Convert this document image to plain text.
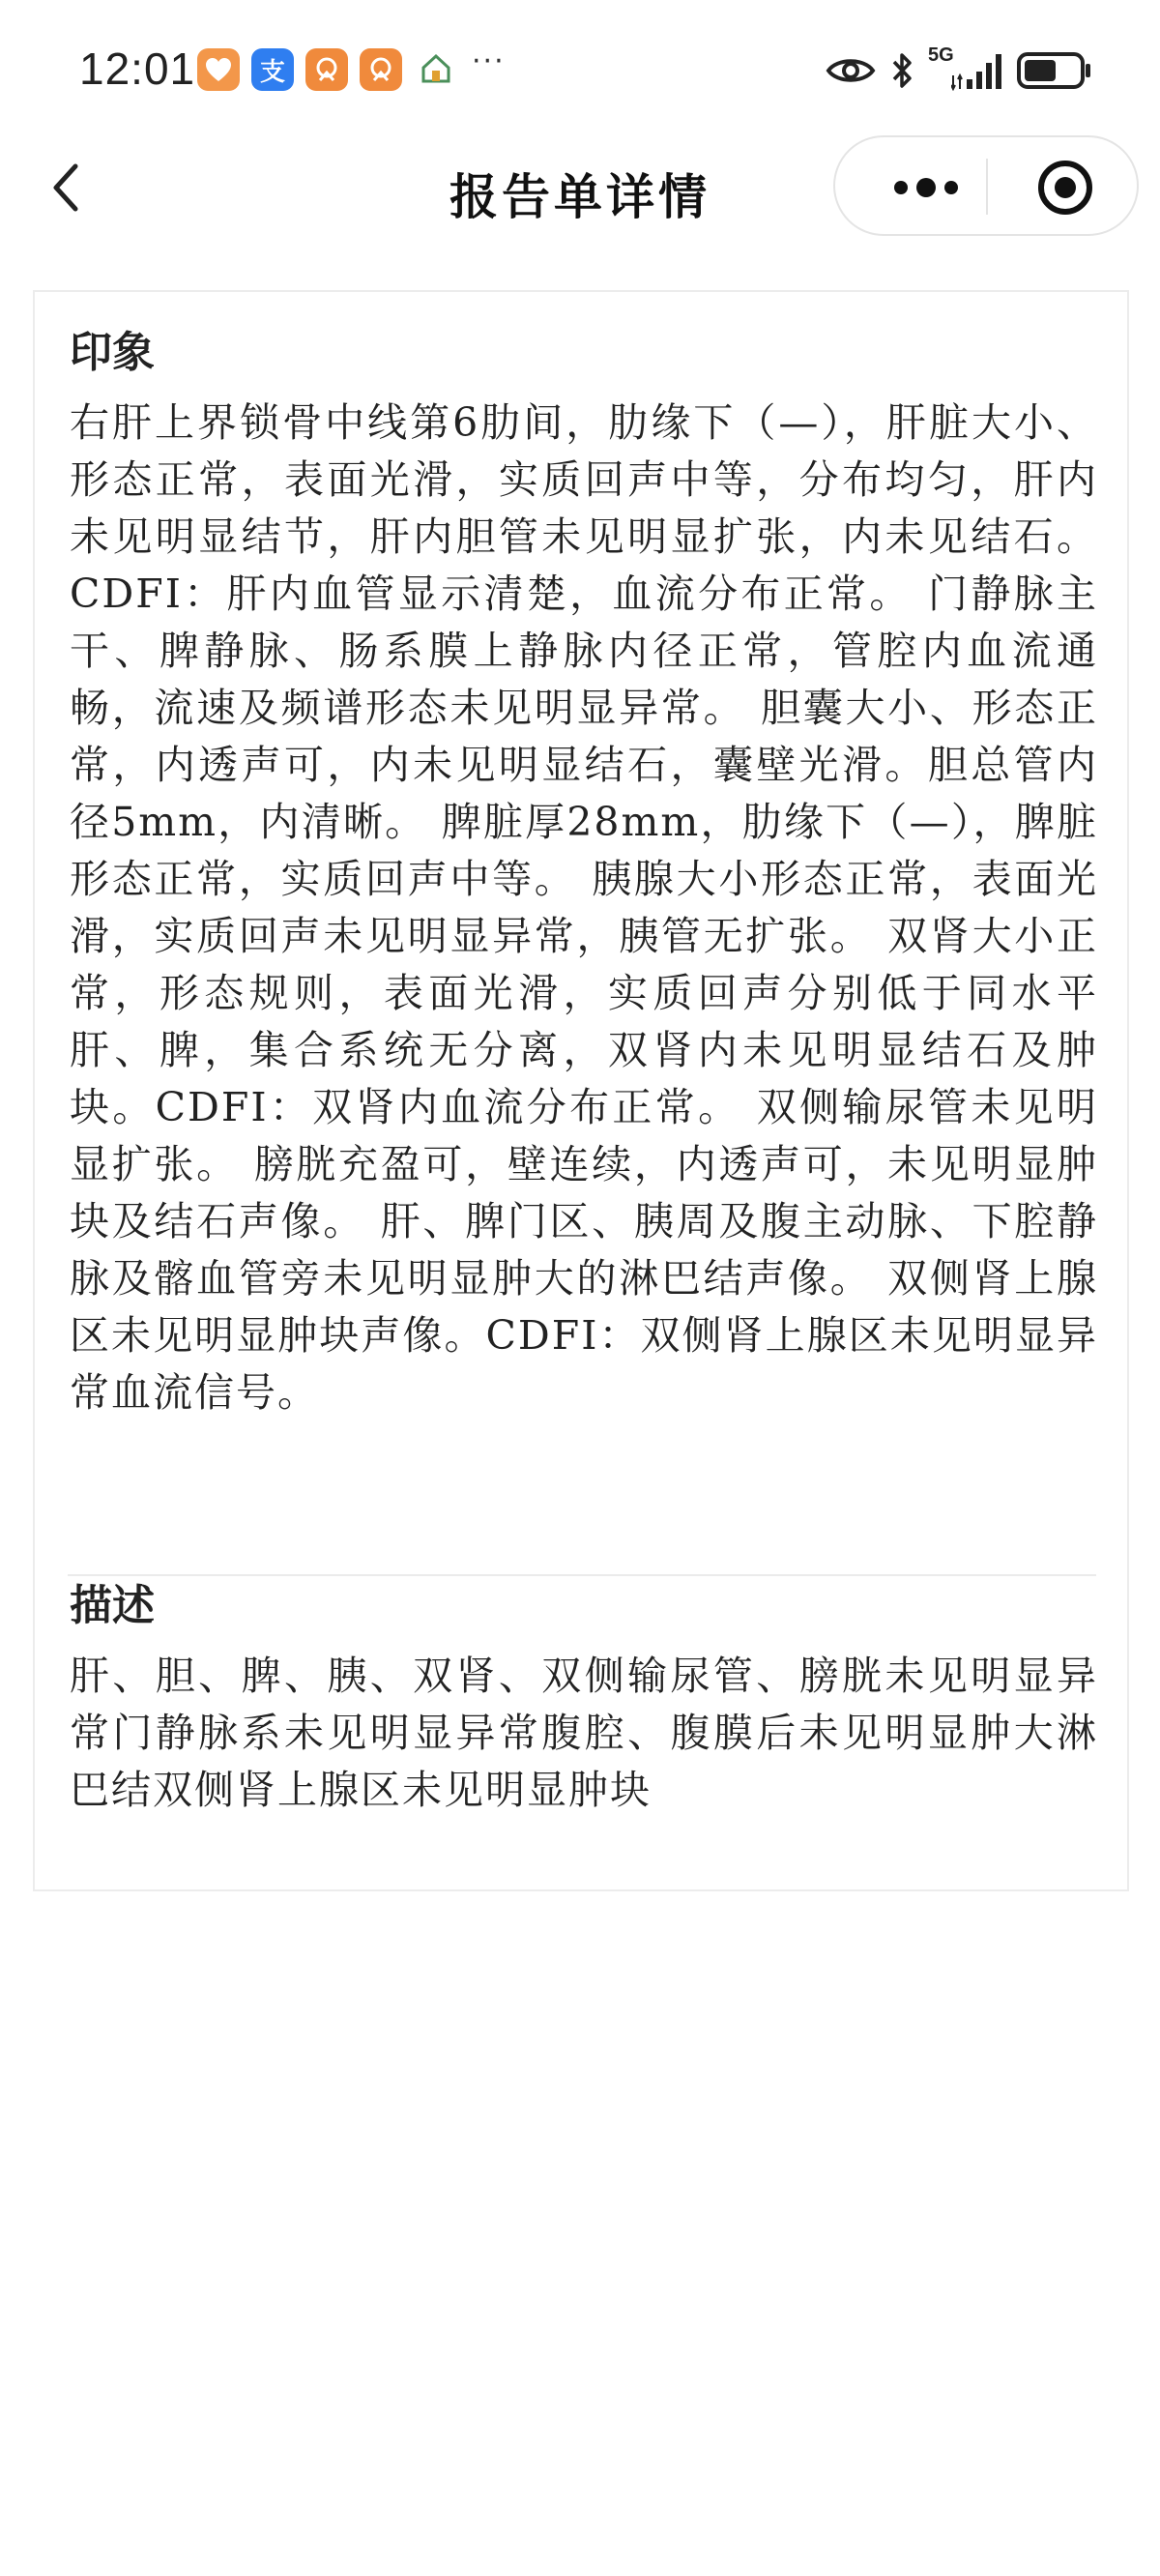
12:01	支	···	5G
报告单详情
印象

右肝上界锁骨中线第6肋间，肋缘下（—），肝脏大小、形态正常，表面光滑，实质回声中等，分布均匀，肝内未见明显结节，肝内胆管未见明显扩张，内未见结石。CDFI：肝内血管显示清楚，血流分布正常。 门静脉主干、脾静脉、肠系膜上静脉内径正常，管腔内血流通畅，流速及频谱形态未见明显异常。 胆囊大小、形态正常，内透声可，内未见明显结石，囊壁光滑。胆总管内径5mm，内清晰。 脾脏厚28mm，肋缘下（—），脾脏形态正常，实质回声中等。 胰腺大小形态正常，表面光滑，实质回声未见明显异常，胰管无扩张。 双肾大小正常，形态规则，表面光滑，实质回声分别低于同水平肝、脾，集合系统无分离，双肾内未见明显结石及肿块。CDFI：双肾内血流分布正常。 双侧输尿管未见明显扩张。 膀胱充盈可，壁连续，内透声可，未见明显肿块及结石声像。 肝、脾门区、胰周及腹主动脉、下腔静脉及髂血管旁未见明显肿大的淋巴结声像。 双侧肾上腺区未见明显肿块声像。CDFI：双侧肾上腺区未见明显异常血流信号。

描述

肝、胆、脾、胰、双肾、双侧输尿管、膀胱未见明显异常门静脉系未见明显异常腹腔、腹膜后未见明显肿大淋巴结双侧肾上腺区未见明显肿块
